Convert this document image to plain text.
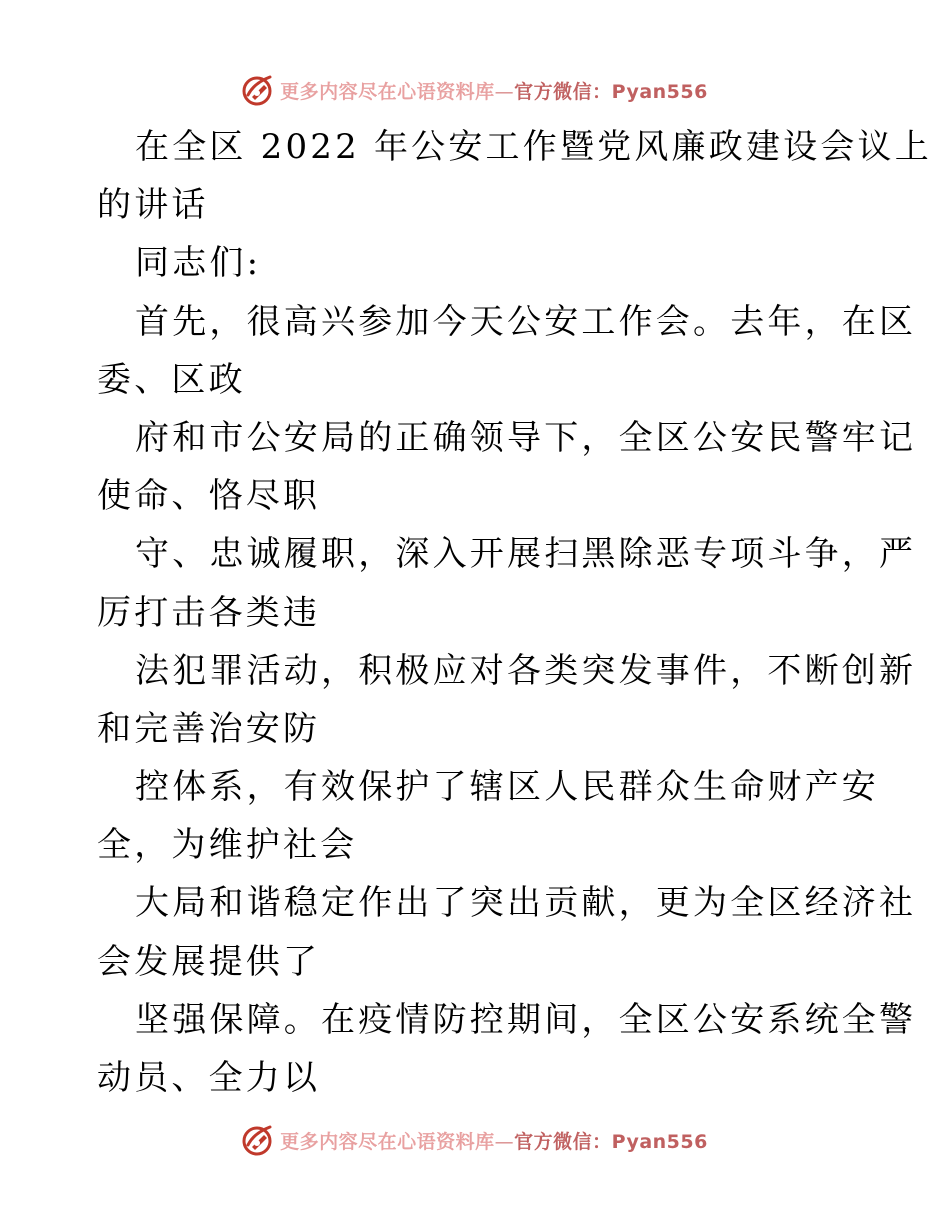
更多内容尽在心语资料库—官方微信：Pyan556
在全区 2022 年公安工作暨党风廉政建设会议上
的讲话
同志们:
首先，很高兴参加今天公安工作会。去年，在区
委、区政
府和市公安局的正确领导下，全区公安民警牢记
使命、恪尽职
守、忠诚履职，深入开展扫黑除恶专项斗争，严
厉打击各类违
法犯罪活动，积极应对各类突发事件，不断创新
和完善治安防
控体系，有效保护了辖区人民群众生命财产安
全，为维护社会
大局和谐稳定作出了突出贡献，更为全区经济社
会发展提供了
坚强保障。在疫情防控期间，全区公安系统全警
动员、全力以
更多内容尽在心语资料库—官方微信：Pyan556
